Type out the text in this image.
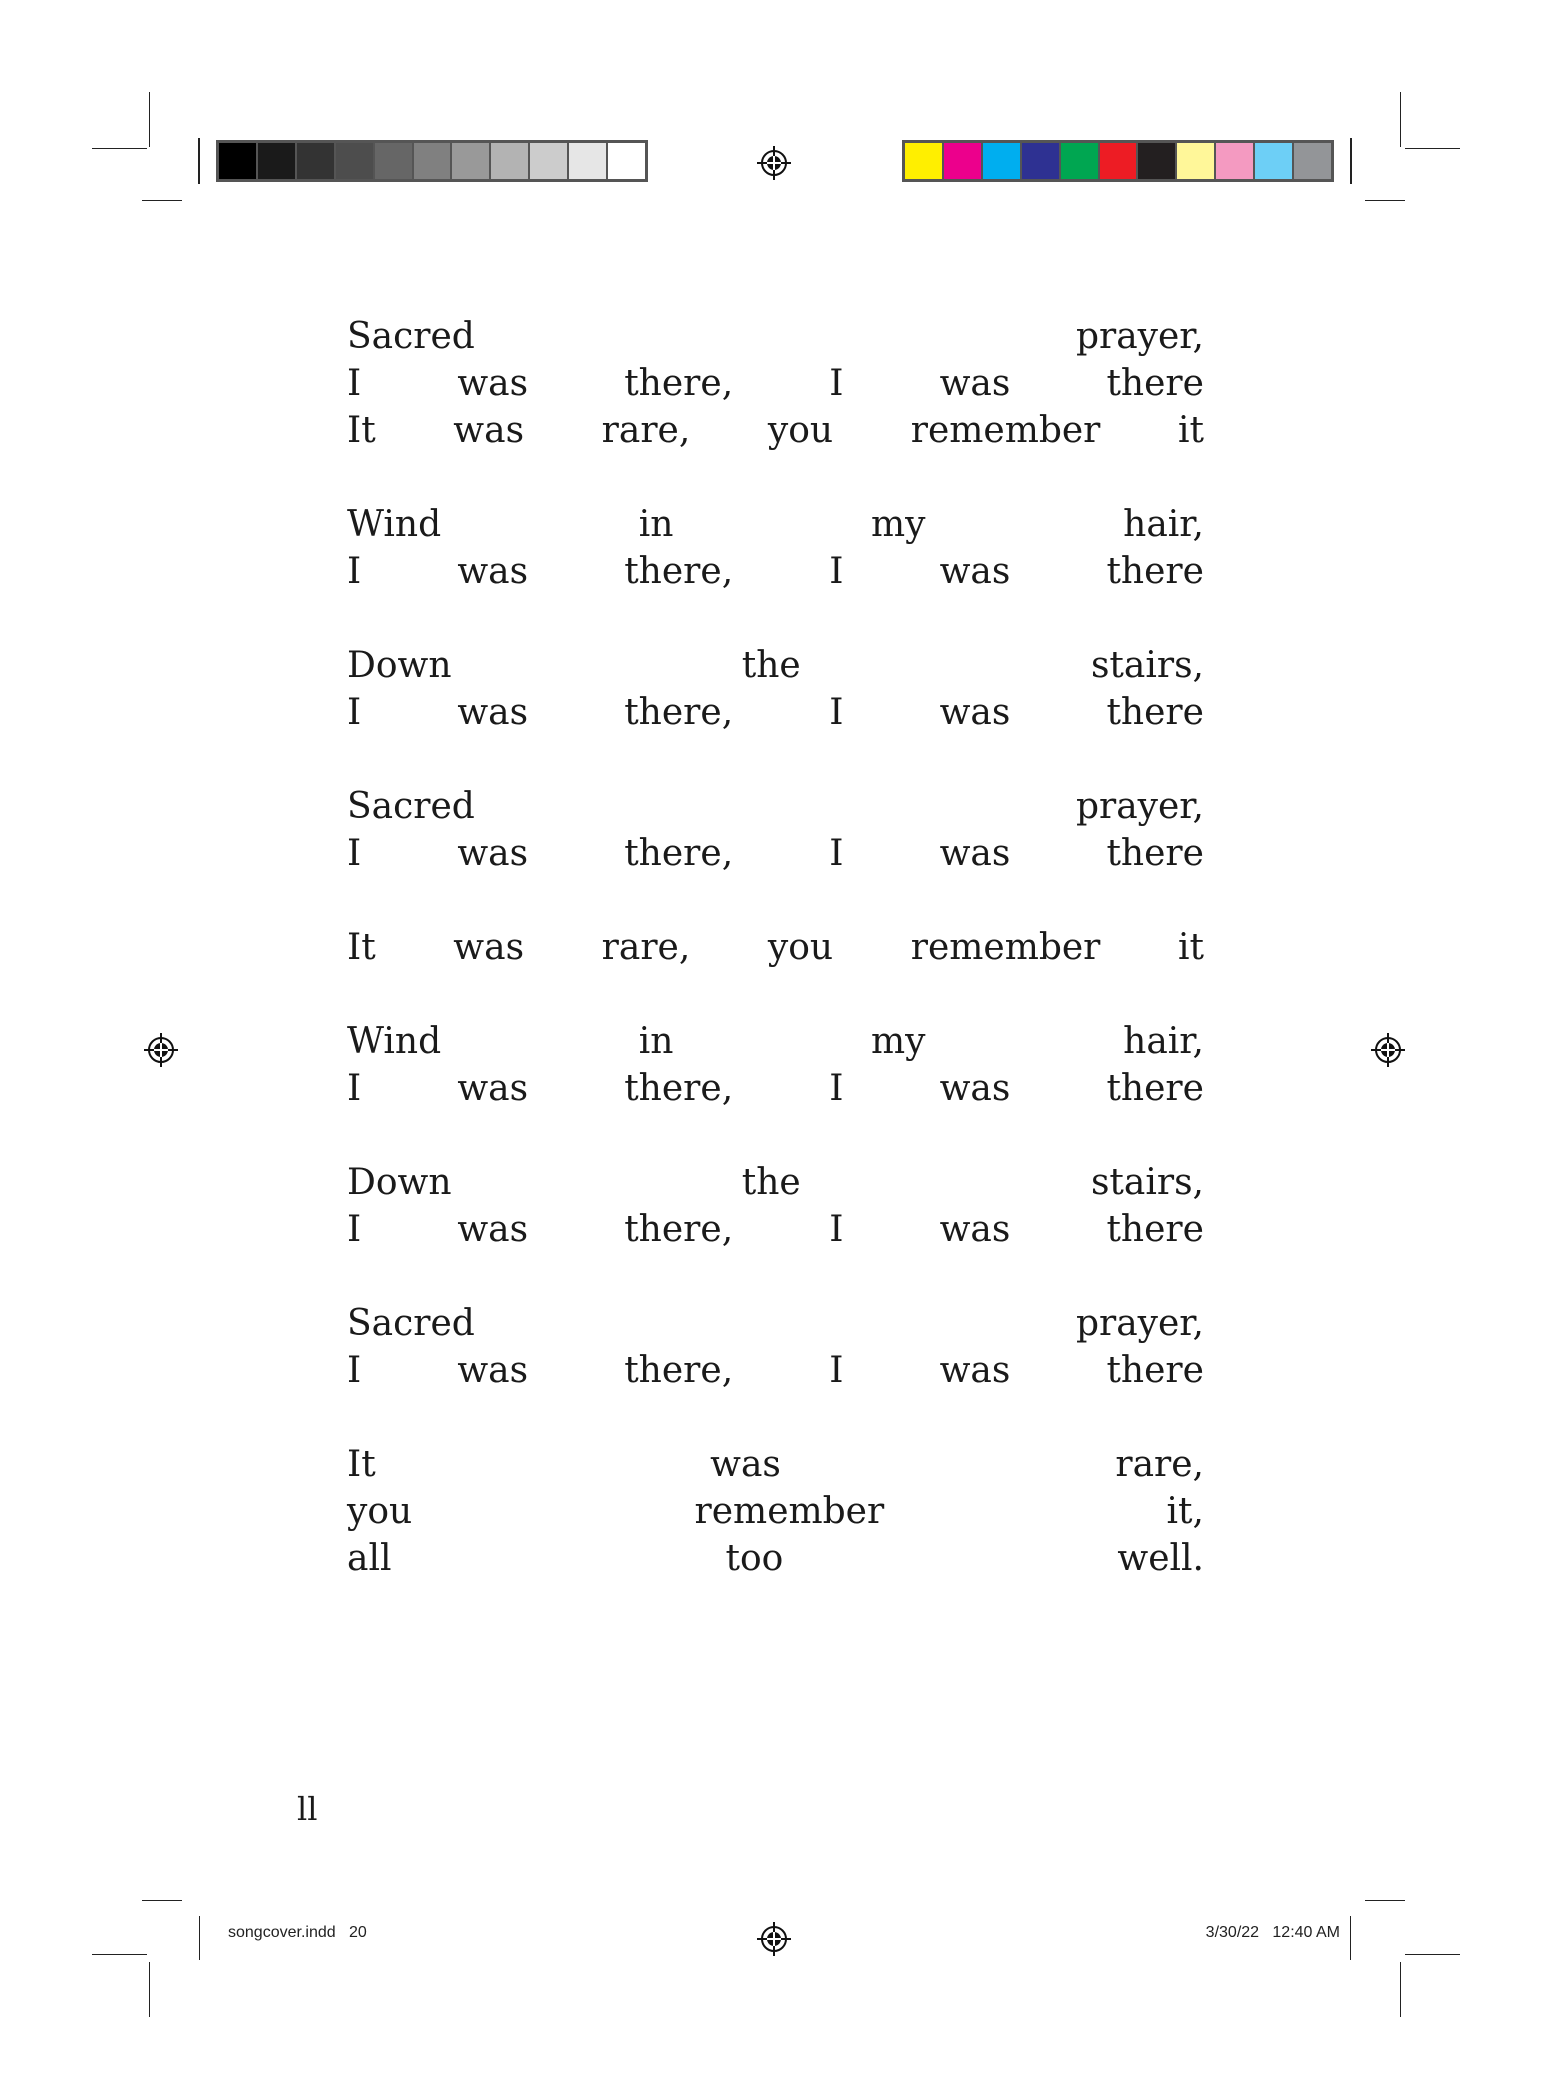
Sacred	prayer,
I	was	there,	I	was	there
It was rare, you remember it
Wind	in	my	hair,
I	was	there,	I	was	there
Down	the	stairs,
I	was	there,	I	was	there
Sacred	prayer,
I	was	there,	I	was	there
It was rare, you remember it
Wind	in	my	hair,
I	was	there,	I	was	there
Down	the	stairs,
I	was	there,	I	was	there
Sacred	prayer,
I	was	there,	I	was	there
It	was	rare,
you	remember	it,
all	too	well.
ll
songcover.indd   20	3/30/22   12:40 AM
